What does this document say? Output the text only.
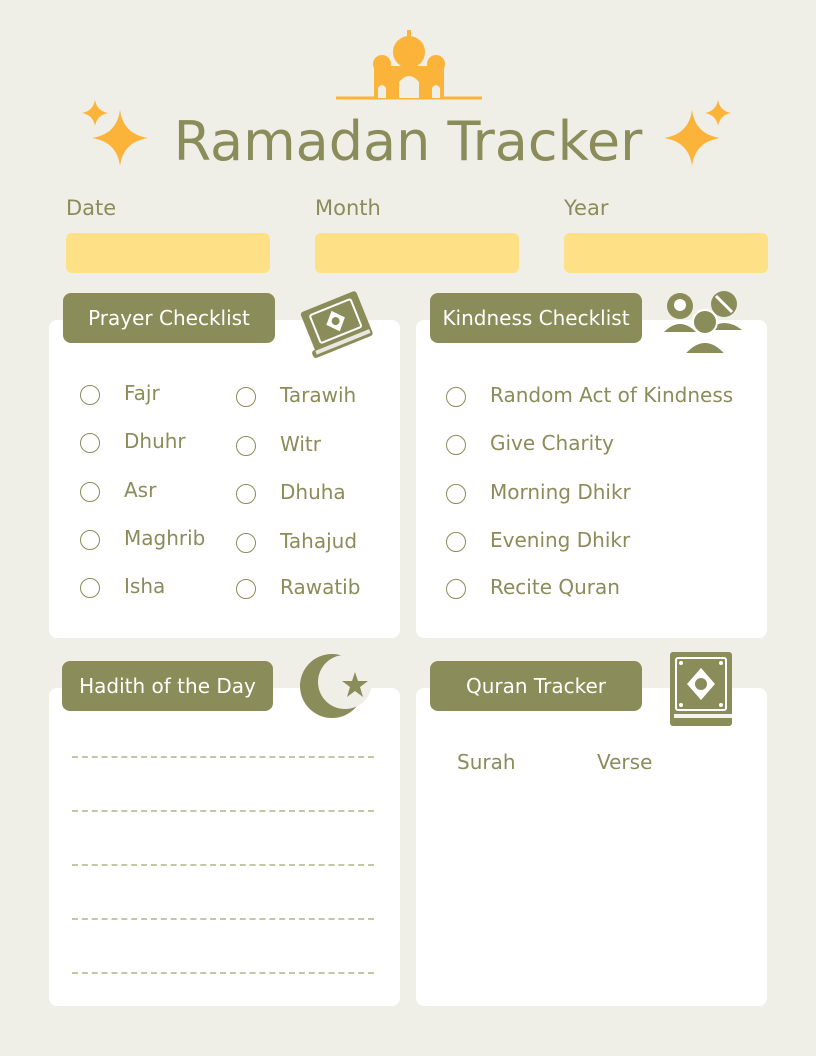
Ramadan Tracker
Date	Month	Year
Prayer Checklist
Fajr
Dhuhr
Asr
Maghrib
Isha
Tarawih
Witr
Dhuha
Tahajud
Rawatib
Kindness Checklist
Random Act of Kindness
Give Charity
Morning Dhikr
Evening Dhikr
Recite Quran
Hadith of the Day	Quran Tracker
Surah	Verse
